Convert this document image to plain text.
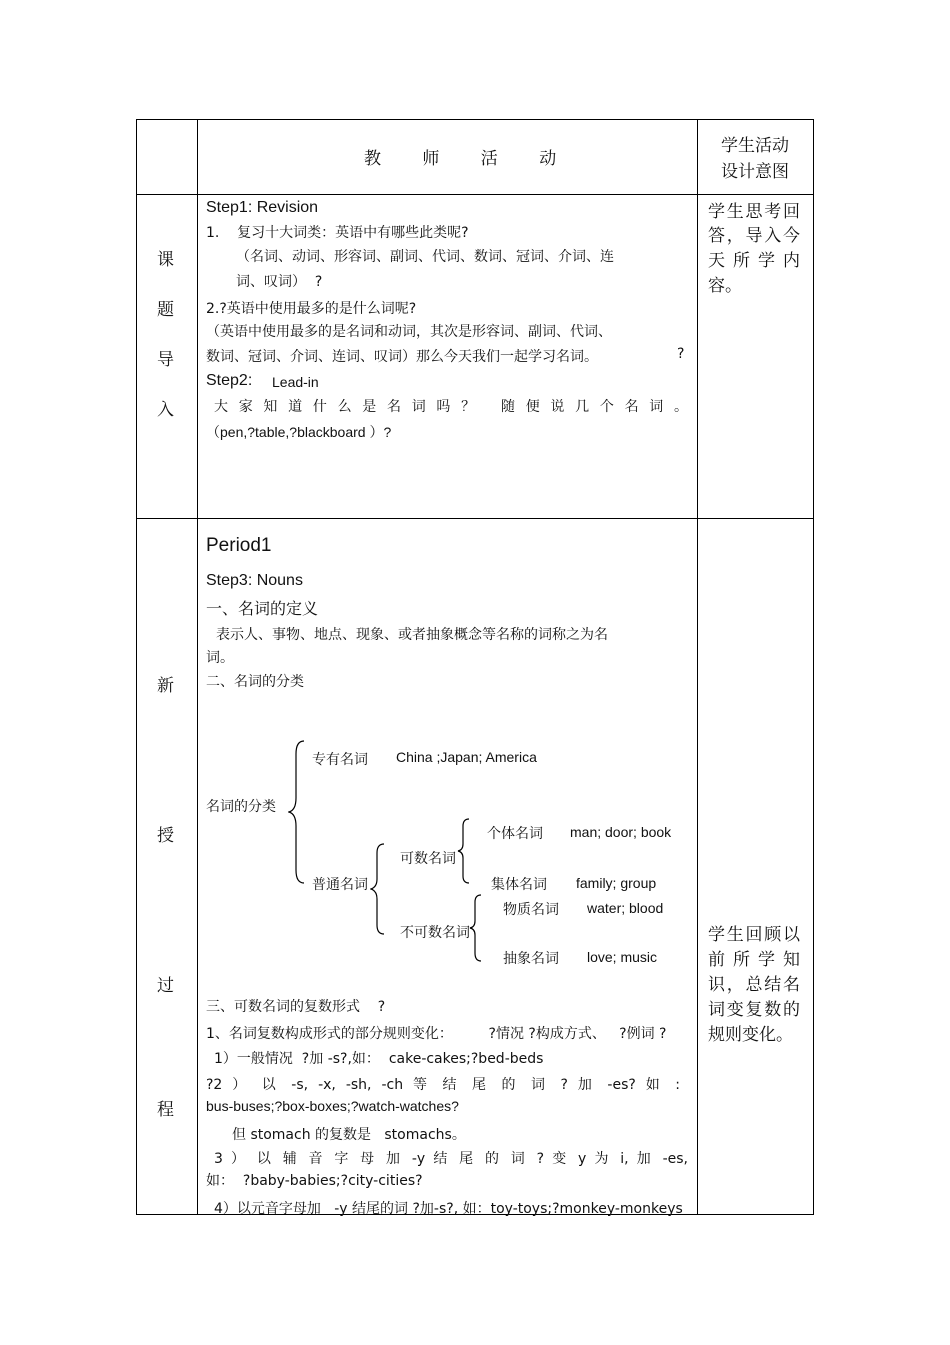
教 师 活 动
学生活动
设计意图
课
题
导
入
Step1: Revision
1.    复习十大词类：英语中有哪些此类呢?
（名词、动词、形容词、副词、代词、数词、冠词、介词、连
词、叹词）  ?
2.?英语中使用最多的是什么词呢?
（英语中使用最多的是名词和动词，其次是形容词、副词、代词、
数词、冠词、介词、连词、叹词）那么今天我们一起学习名词。	?
Step2: Lead-in
大家知道什么是名词吗？ 随便说几个名词。
（pen,?table,?blackboard ）?
学生思考回
答，导入今
天所学内
容。
新
授
过
程
Period1
Step3: Nouns
一、名词的定义
表示人、事物、地点、现象、或者抽象概念等名称的词称之为名
词。
二、名词的分类
名词的分类
专有名词 China ;Japan; America
普通名词
可数名词
不可数名词
个体名词 man; door; book
集体名词 family; group
物质名词 water; blood
抽象名词 love; music
三、可数名词的复数形式    ?
1、名词复数构成形式的部分规则变化：        ?情况 ?构成方式、   ?例词 ?
1）一般情况  ?加 -s?,如：  cake-cakes;?bed-beds
?2 ） 以 -s, -x, -sh, -ch 等 结 尾 的 词 ? 加 -es? 如 :
bus-buses;?box-boxes;?watch-watches?
但 stomach 的复数是   stomachs。
3 ） 以 辅 音 字 母 加 -y 结 尾 的 词 ? 变 y 为 i, 加 -es,
如：  ?baby-babies;?city-cities?
4）以元音字母加   -y 结尾的词 ?加-s?, 如：toy-toys;?monkey-monkeys
学生回顾以
前所学知
识，总结名
词变复数的
规则变化。
